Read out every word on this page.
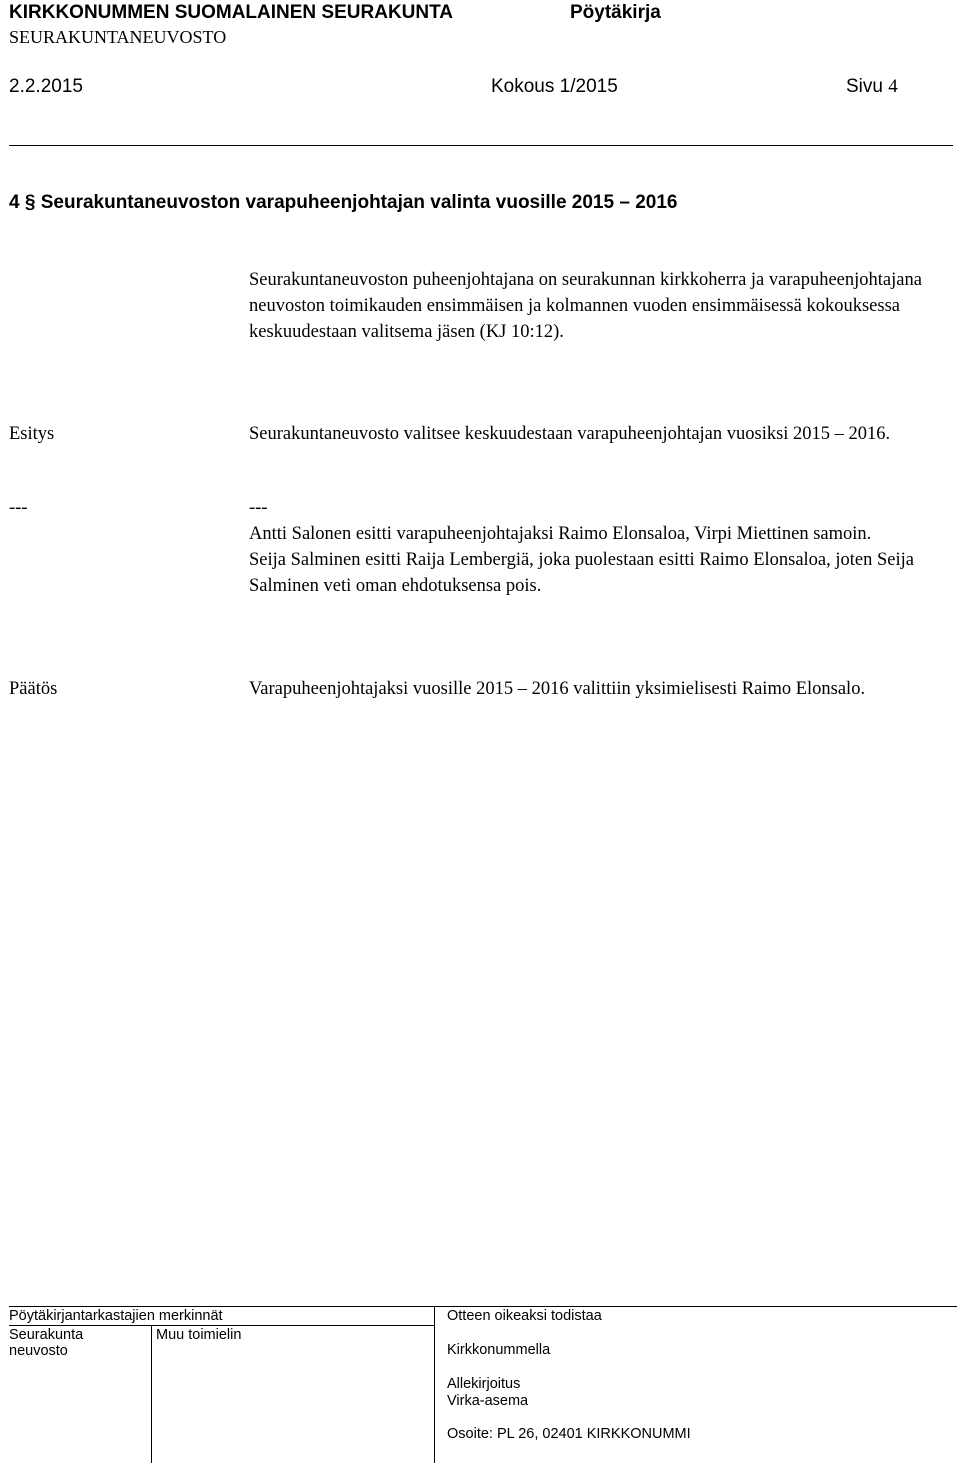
KIRKKONUMMEN SUOMALAINEN SEURAKUNTA	Pöytäkirja
SEURAKUNTANEUVOSTO
2.2.2015	Kokous 1/2015	Sivu 4
4 § Seurakuntaneuvoston varapuheenjohtajan valinta vuosille 2015 – 2016
Seurakuntaneuvoston puheenjohtajana on seurakunnan kirkkoherra ja varapuheenjohtajana neuvoston toimikauden ensimmäisen ja kolmannen vuoden ensimmäisessä kokouksessa keskuudestaan valitsema jäsen (KJ 10:12).
Esitys	Seurakuntaneuvosto valitsee keskuudestaan varapuheenjohtajan vuosiksi 2015 – 2016.
---	---

Antti Salonen esitti varapuheenjohtajaksi Raimo Elonsaloa, Virpi Miettinen samoin.

Seija Salminen esitti Raija Lembergiä, joka puolestaan esitti Raimo Elonsaloa, joten Seija Salminen veti oman ehdotuksensa pois.

Päätös	Varapuheenjohtajaksi vuosille 2015 – 2016 valittiin yksimielisesti Raimo Elonsalo.
Pöytäkirjantarkastajien merkinnät
Seurakunta
neuvosto
Muu toimielin
Otteen oikeaksi todistaa
Kirkkonummella
Allekirjoitus
Virka-asema
Osoite: PL 26, 02401 KIRKKONUMMI
